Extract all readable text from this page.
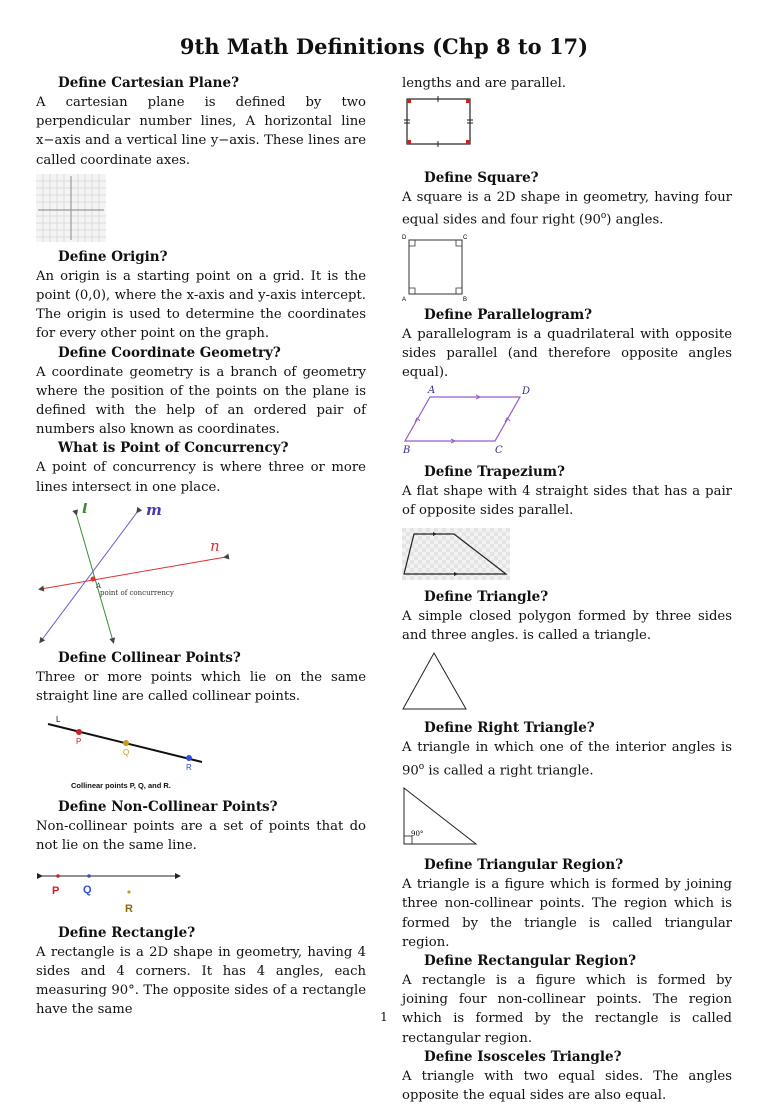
9th Math Definitions (Chp 8 to 17)

Define Cartesian Plane?

A cartesian plane is defined by two perpendicular number lines, A horizontal line x−axis and a vertical line y−axis. These lines are called coordinate axes.

Define Origin?

An origin is a starting point on a grid. It is the point (0,0), where the x-axis and y-axis intercept. The origin is used to determine the coordinates for every other point on the graph.

Define Coordinate Geometry?

A coordinate geometry is a branch of geometry where the position of the points on the plane is defined with the help of an ordered pair of numbers also known as coordinates.

What is Point of Concurrency?

A point of concurrency is where three or more lines intersect in one place.

l	m
n
A
point of concurrency

Define Collinear Points?

Three or more points which lie on the same straight line are called collinear points.

L
P
Q
R
Collinear points P, Q, and R.

Define Non-Collinear Points?

Non-collinear points are a set of points that do not lie on the same line.

P Q
R

Define Rectangle?

A rectangle is a 2D shape in geometry, having 4 sides and 4 corners. It has 4 angles, each measuring 90°. The opposite sides of a rectangle have the same

lengths and are parallel.

Define Square?

A square is a 2D shape in geometry, having four equal sides and four right (90$^o$) angles.

D	C
A	B

Define Parallelogram?

A parallelogram is a quadrilateral with opposite sides parallel (and therefore opposite angles equal).

A	D
B	C

Define Trapezium?

A flat shape with 4 straight sides that has a pair of opposite sides parallel.

Define Triangle?

A simple closed polygon formed by three sides and three angles. is called a triangle.

Define Right Triangle?

A triangle in which one of the interior angles is 90$^o$ is called a right triangle.

90°

Define Triangular Region?

A triangle is a figure which is formed by joining three non-collinear points. The region which is formed by the triangle is called triangular region.

Define Rectangular Region?

A rectangle is a figure which is formed by joining four non-collinear points. The region which is formed by the rectangle is called rectangular region.

Define Isosceles Triangle?

A triangle with two equal sides. The angles opposite the equal sides are also equal.

1
